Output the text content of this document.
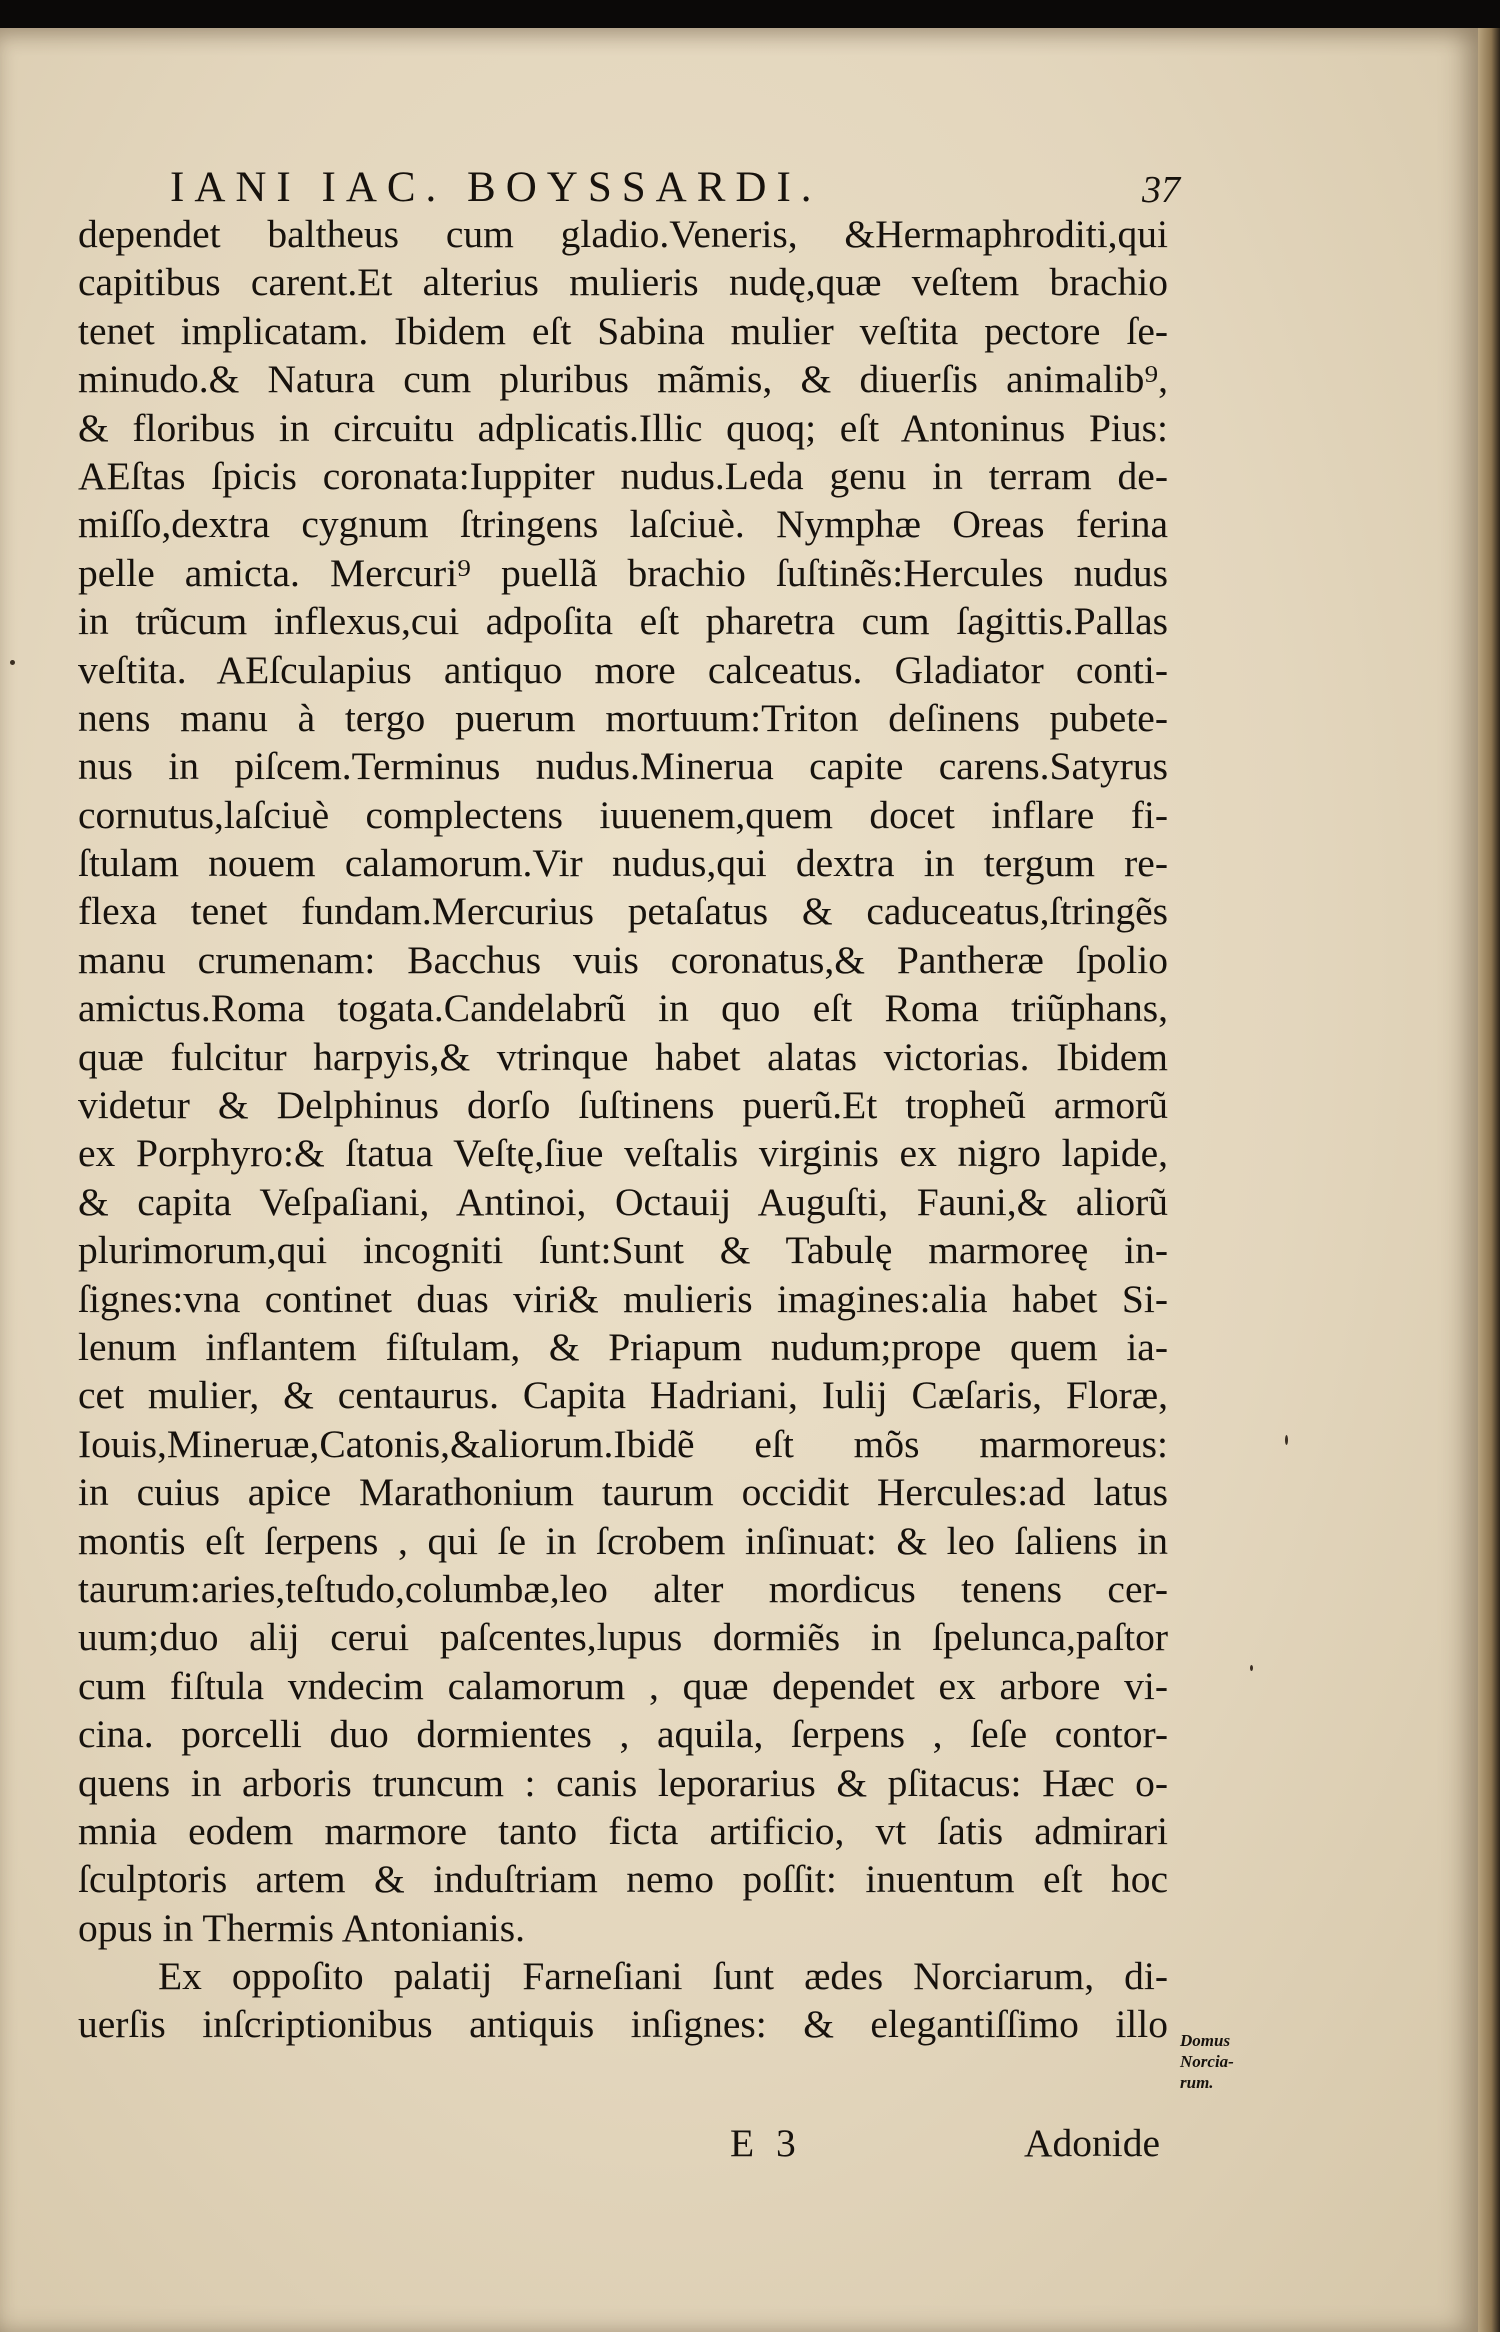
IANI IAC. BOYSSARDI.	37
dependet baltheus cum gladio.Veneris, &Hermaphroditi,qui
capitibus carent.Et alterius mulieris nudę,quæ veſtem brachio
tenet implicatam. Ibidem eſt Sabina mulier veſtita pectore ſe-
minudo.& Natura cum pluribus mãmis, & diuerſis animalib⁹,
& floribus in circuitu adplicatis.Illic quoq; eſt Antoninus Pius:
AEſtas ſpicis coronata:Iuppiter nudus.Leda genu in terram de-
miſſo,dextra cygnum ſtringens laſciuè. Nymphæ Oreas ferina
pelle amicta. Mercuri⁹ puellã brachio ſuſtinẽs:Hercules nudus
in trũcum inflexus,cui adpoſita eſt pharetra cum ſagittis.Pallas
veſtita. AEſculapius antiquo more calceatus. Gladiator conti-
nens manu à tergo puerum mortuum:Triton deſinens pubete-
nus in piſcem.Terminus nudus.Minerua capite carens.Satyrus
cornutus,laſciuè complectens iuuenem,quem docet inflare fi-
ſtulam nouem calamorum.Vir nudus,qui dextra in tergum re-
flexa tenet fundam.Mercurius petaſatus & caduceatus,ſtringẽs
manu crumenam: Bacchus vuis coronatus,& Pantheræ ſpolio
amictus.Roma togata.Candelabrũ in quo eſt Roma triũphans,
quæ fulcitur harpyis,& vtrinque habet alatas victorias. Ibidem
videtur & Delphinus dorſo ſuſtinens puerũ.Et tropheũ armorũ
ex Porphyro:& ſtatua Veſtę,ſiue veſtalis virginis ex nigro lapide,
& capita Veſpaſiani, Antinoi, Octauij Auguſti, Fauni,& aliorũ
plurimorum,qui incogniti ſunt:Sunt & Tabulę marmoreę in-
ſignes:vna continet duas viri& mulieris imagines:alia habet Si-
lenum inflantem fiſtulam, & Priapum nudum;prope quem ia-
cet mulier, & centaurus. Capita Hadriani, Iulij Cæſaris, Floræ,
Iouis,Mineruæ,Catonis,&aliorum.Ibidẽ eſt mõs marmoreus:
in cuius apice Marathonium taurum occidit Hercules:ad latus
montis eſt ſerpens , qui ſe in ſcrobem inſinuat: & leo ſaliens in
taurum:aries,teſtudo,columbæ,leo alter mordicus tenens cer-
uum;duo alij cerui paſcentes,lupus dormiẽs in ſpelunca,paſtor
cum fiſtula vndecim calamorum , quæ dependet ex arbore vi-
cina. porcelli duo dormientes , aquila, ſerpens , ſeſe contor-
quens in arboris truncum : canis leporarius & pſitacus: Hæc o-
mnia eodem marmore tanto ficta artificio, vt ſatis admirari
ſculptoris artem & induſtriam nemo poſſit: inuentum eſt hoc
opus in Thermis Antonianis.
Ex oppoſito palatij Farneſiani ſunt ædes Norciarum, di-
uerſis inſcriptionibus antiquis inſignes: & elegantiſſimo illo Domus
Norcia-
rum.
E 3	Adonide
